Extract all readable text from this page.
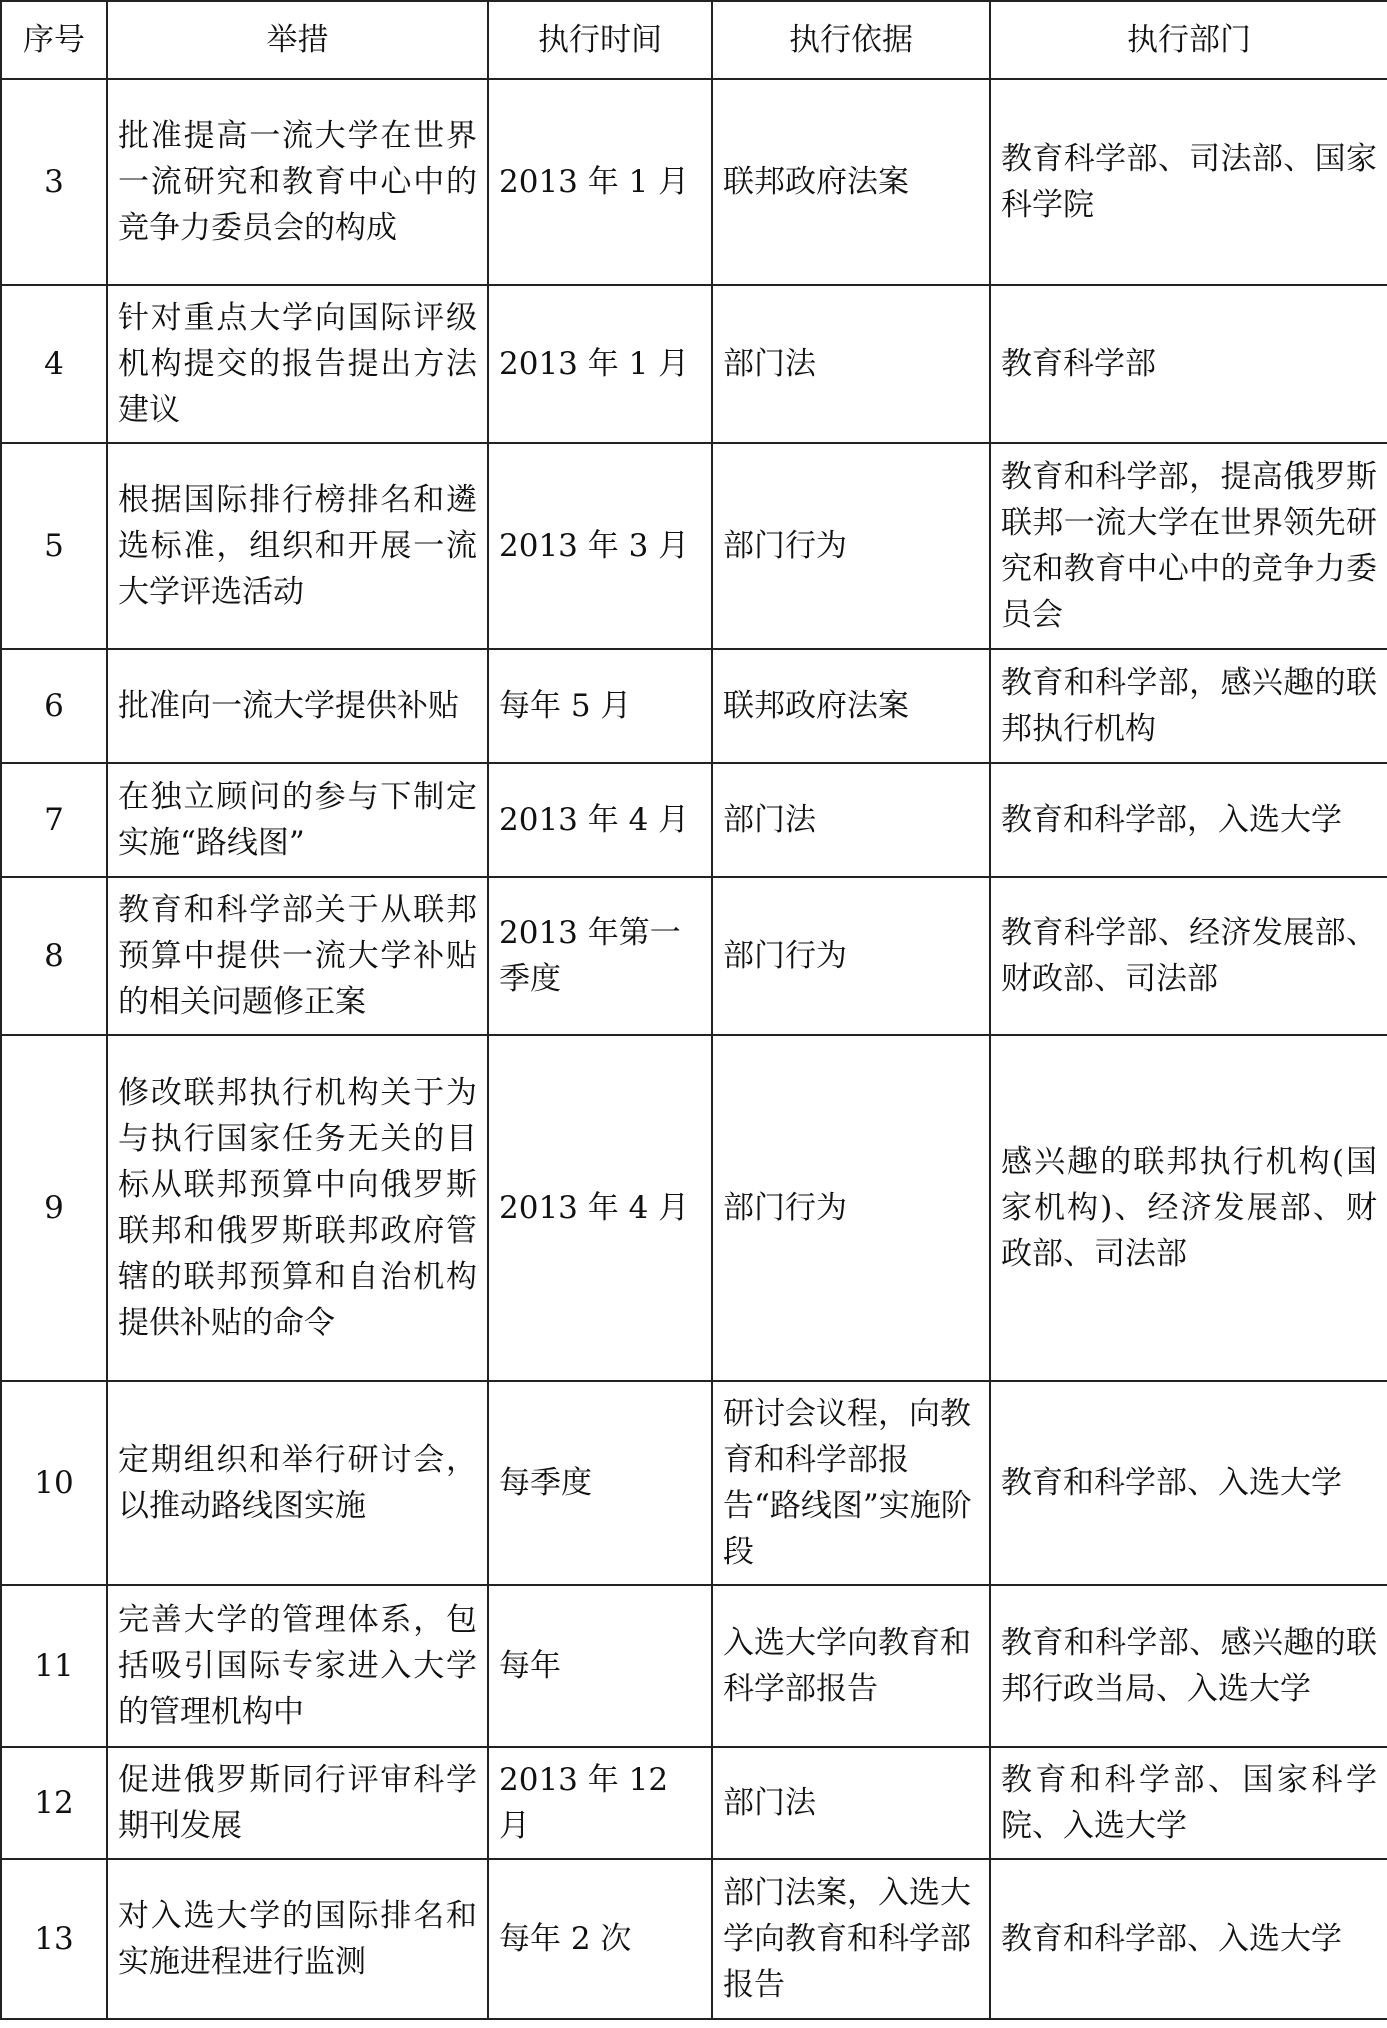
序号	举措	执行时间	执行依据	执行部门
3	批准提高一流大学在世界一流研究和教育中心中的竞争力委员会的构成	2013 年 1 月	联邦政府法案	教育科学部、司法部、国家科学院
4	针对重点大学向国际评级机构提交的报告提出方法建议	2013 年 1 月	部门法	教育科学部
5	根据国际排行榜排名和遴选标准，组织和开展一流大学评选活动	2013 年 3 月	部门行为	教育和科学部，提高俄罗斯联邦一流大学在世界领先研究和教育中心中的竞争力委员会
6	批准向一流大学提供补贴	每年 5 月	联邦政府法案	教育和科学部，感兴趣的联邦执行机构
7	在独立顾问的参与下制定实施“路线图”	2013 年 4 月	部门法	教育和科学部，入选大学
8	教育和科学部关于从联邦预算中提供一流大学补贴的相关问题修正案	2013 年第一季度	部门行为	教育科学部、经济发展部、财政部、司法部
9	修改联邦执行机构关于为与执行国家任务无关的目标从联邦预算中向俄罗斯联邦和俄罗斯联邦政府管辖的联邦预算和自治机构提供补贴的命令	2013 年 4 月	部门行为	感兴趣的联邦执行机构(国家机构)、经济发展部、财政部、司法部
10	定期组织和举行研讨会，以推动路线图实施	每季度	研讨会议程，向教育和科学部报告“路线图”实施阶段	教育和科学部、入选大学
11	完善大学的管理体系，包括吸引国际专家进入大学的管理机构中	每年	入选大学向教育和科学部报告	教育和科学部、感兴趣的联邦行政当局、入选大学
12	促进俄罗斯同行评审科学期刊发展	2013 年 12 月	部门法	教育和科学部、国家科学院、入选大学
13	对入选大学的国际排名和实施进程进行监测	每年 2 次	部门法案，入选大学向教育和科学部报告	教育和科学部、入选大学
